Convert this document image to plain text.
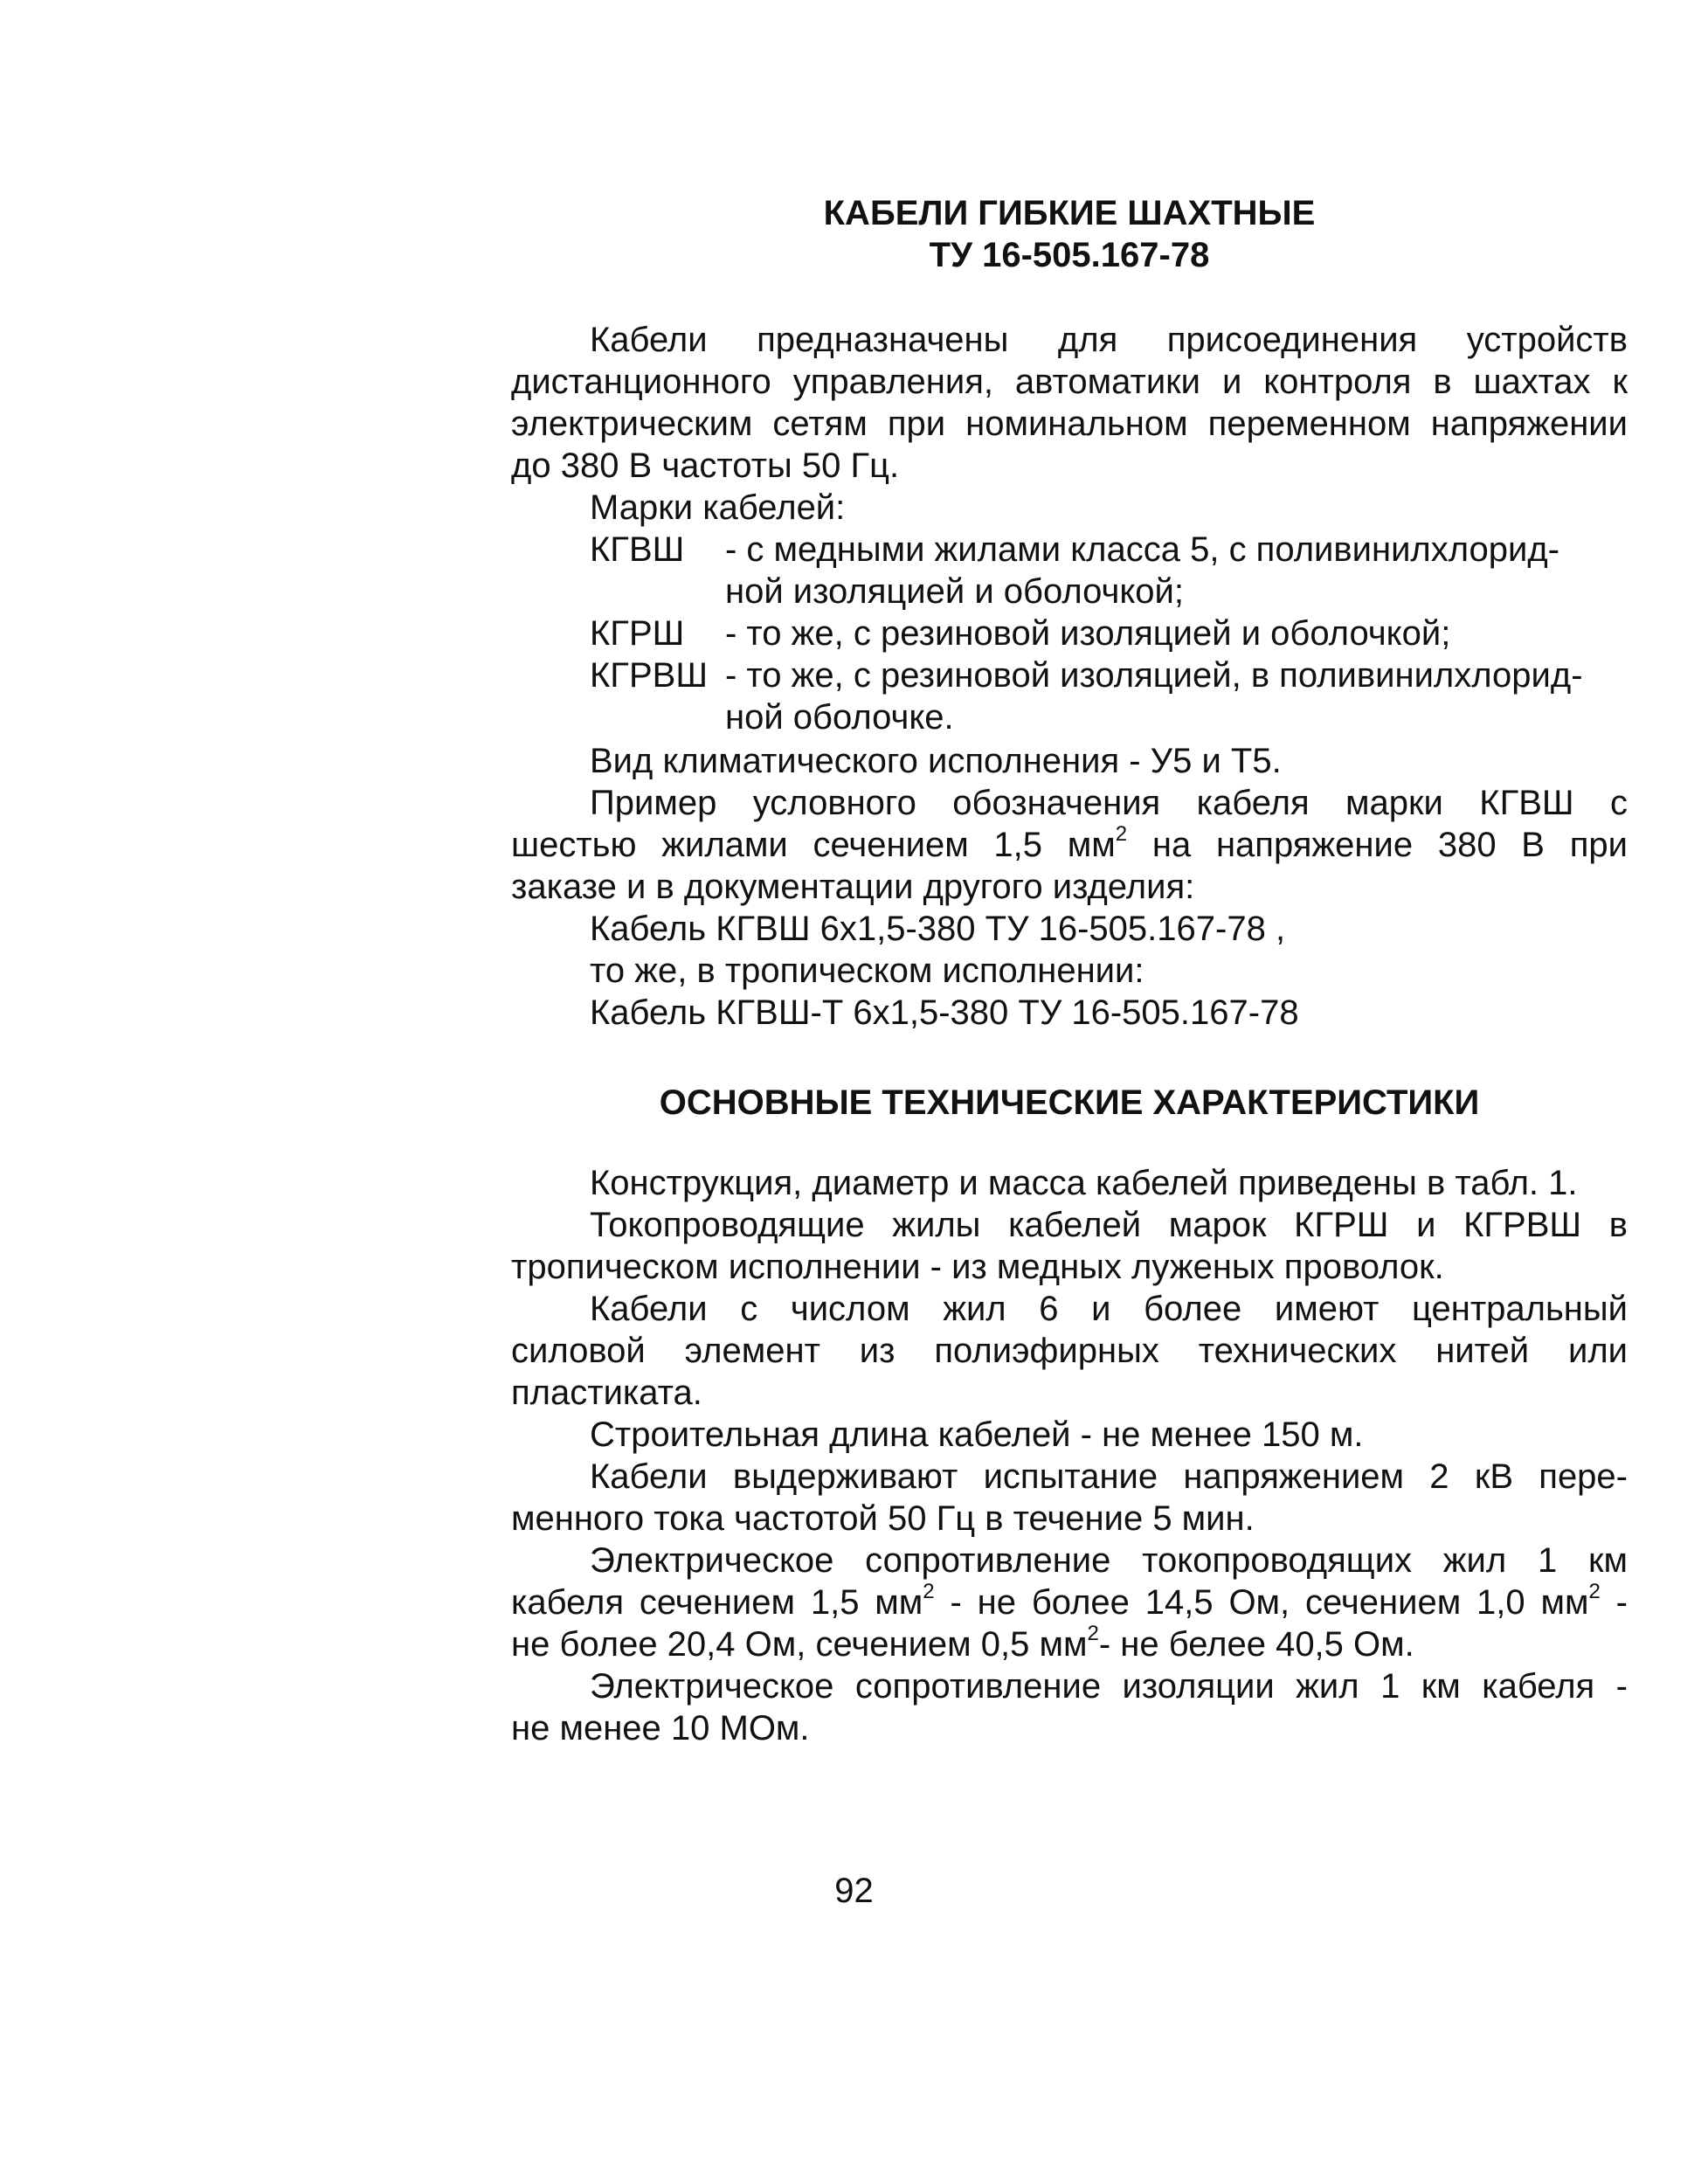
КАБЕЛИ ГИБКИЕ ШАХТНЫЕ
ТУ 16-505.167-78
Кабели предназначены для присоединения устройств
дистанционного управления, автоматики и контроля в шахтах к
электрическим сетям при номинальном переменном напряжении
до 380 В частоты 50 Гц.
Марки кабелей:
КГВШ - с медными жилами класса 5, с поливинилхлорид-
ной изоляцией и оболочкой;
КГРШ - то же, с резиновой изоляцией и оболочкой;
КГРВШ - то же, с резиновой изоляцией, в поливинилхлорид-
ной оболочке.
Вид климатического исполнения - У5 и Т5.
Пример условного обозначения кабеля марки КГВШ с
шестью жилами сечением 1,5 $мм^2$ на напряжение 380 В при
заказе и в документации другого изделия:
Кабель КГВШ 6х1,5-380 ТУ 16-505.167-78 ,
то же, в тропическом исполнении:
Кабель КГВШ-Т 6х1,5-380 ТУ 16-505.167-78
ОСНОВНЫЕ ТЕХНИЧЕСКИЕ ХАРАКТЕРИСТИКИ
Конструкция, диаметр и масса кабелей приведены в табл. 1.
Токопроводящие жилы кабелей марок КГРШ и КГРВШ в
тропическом исполнении - из медных луженых проволок.
Кабели с числом жил 6 и более имеют центральный
силовой элемент из полиэфирных технических нитей или
пластиката.
Строительная длина кабелей - не менее 150 м.
Кабели выдерживают испытание напряжением 2 кВ пере-
менного тока частотой 50 Гц в течение 5 мин.
Электрическое сопротивление токопроводящих жил 1 км
кабеля сечением 1,5 $мм^2$ - не более 14,5 Ом, сечением 1,0 $мм^2$ -
не более 20,4 Ом, сечением 0,5 $мм^2-$ не белее 40,5 Ом.
Электрическое сопротивление изоляции жил 1 км кабеля -
не менее 10 МОм.
92
